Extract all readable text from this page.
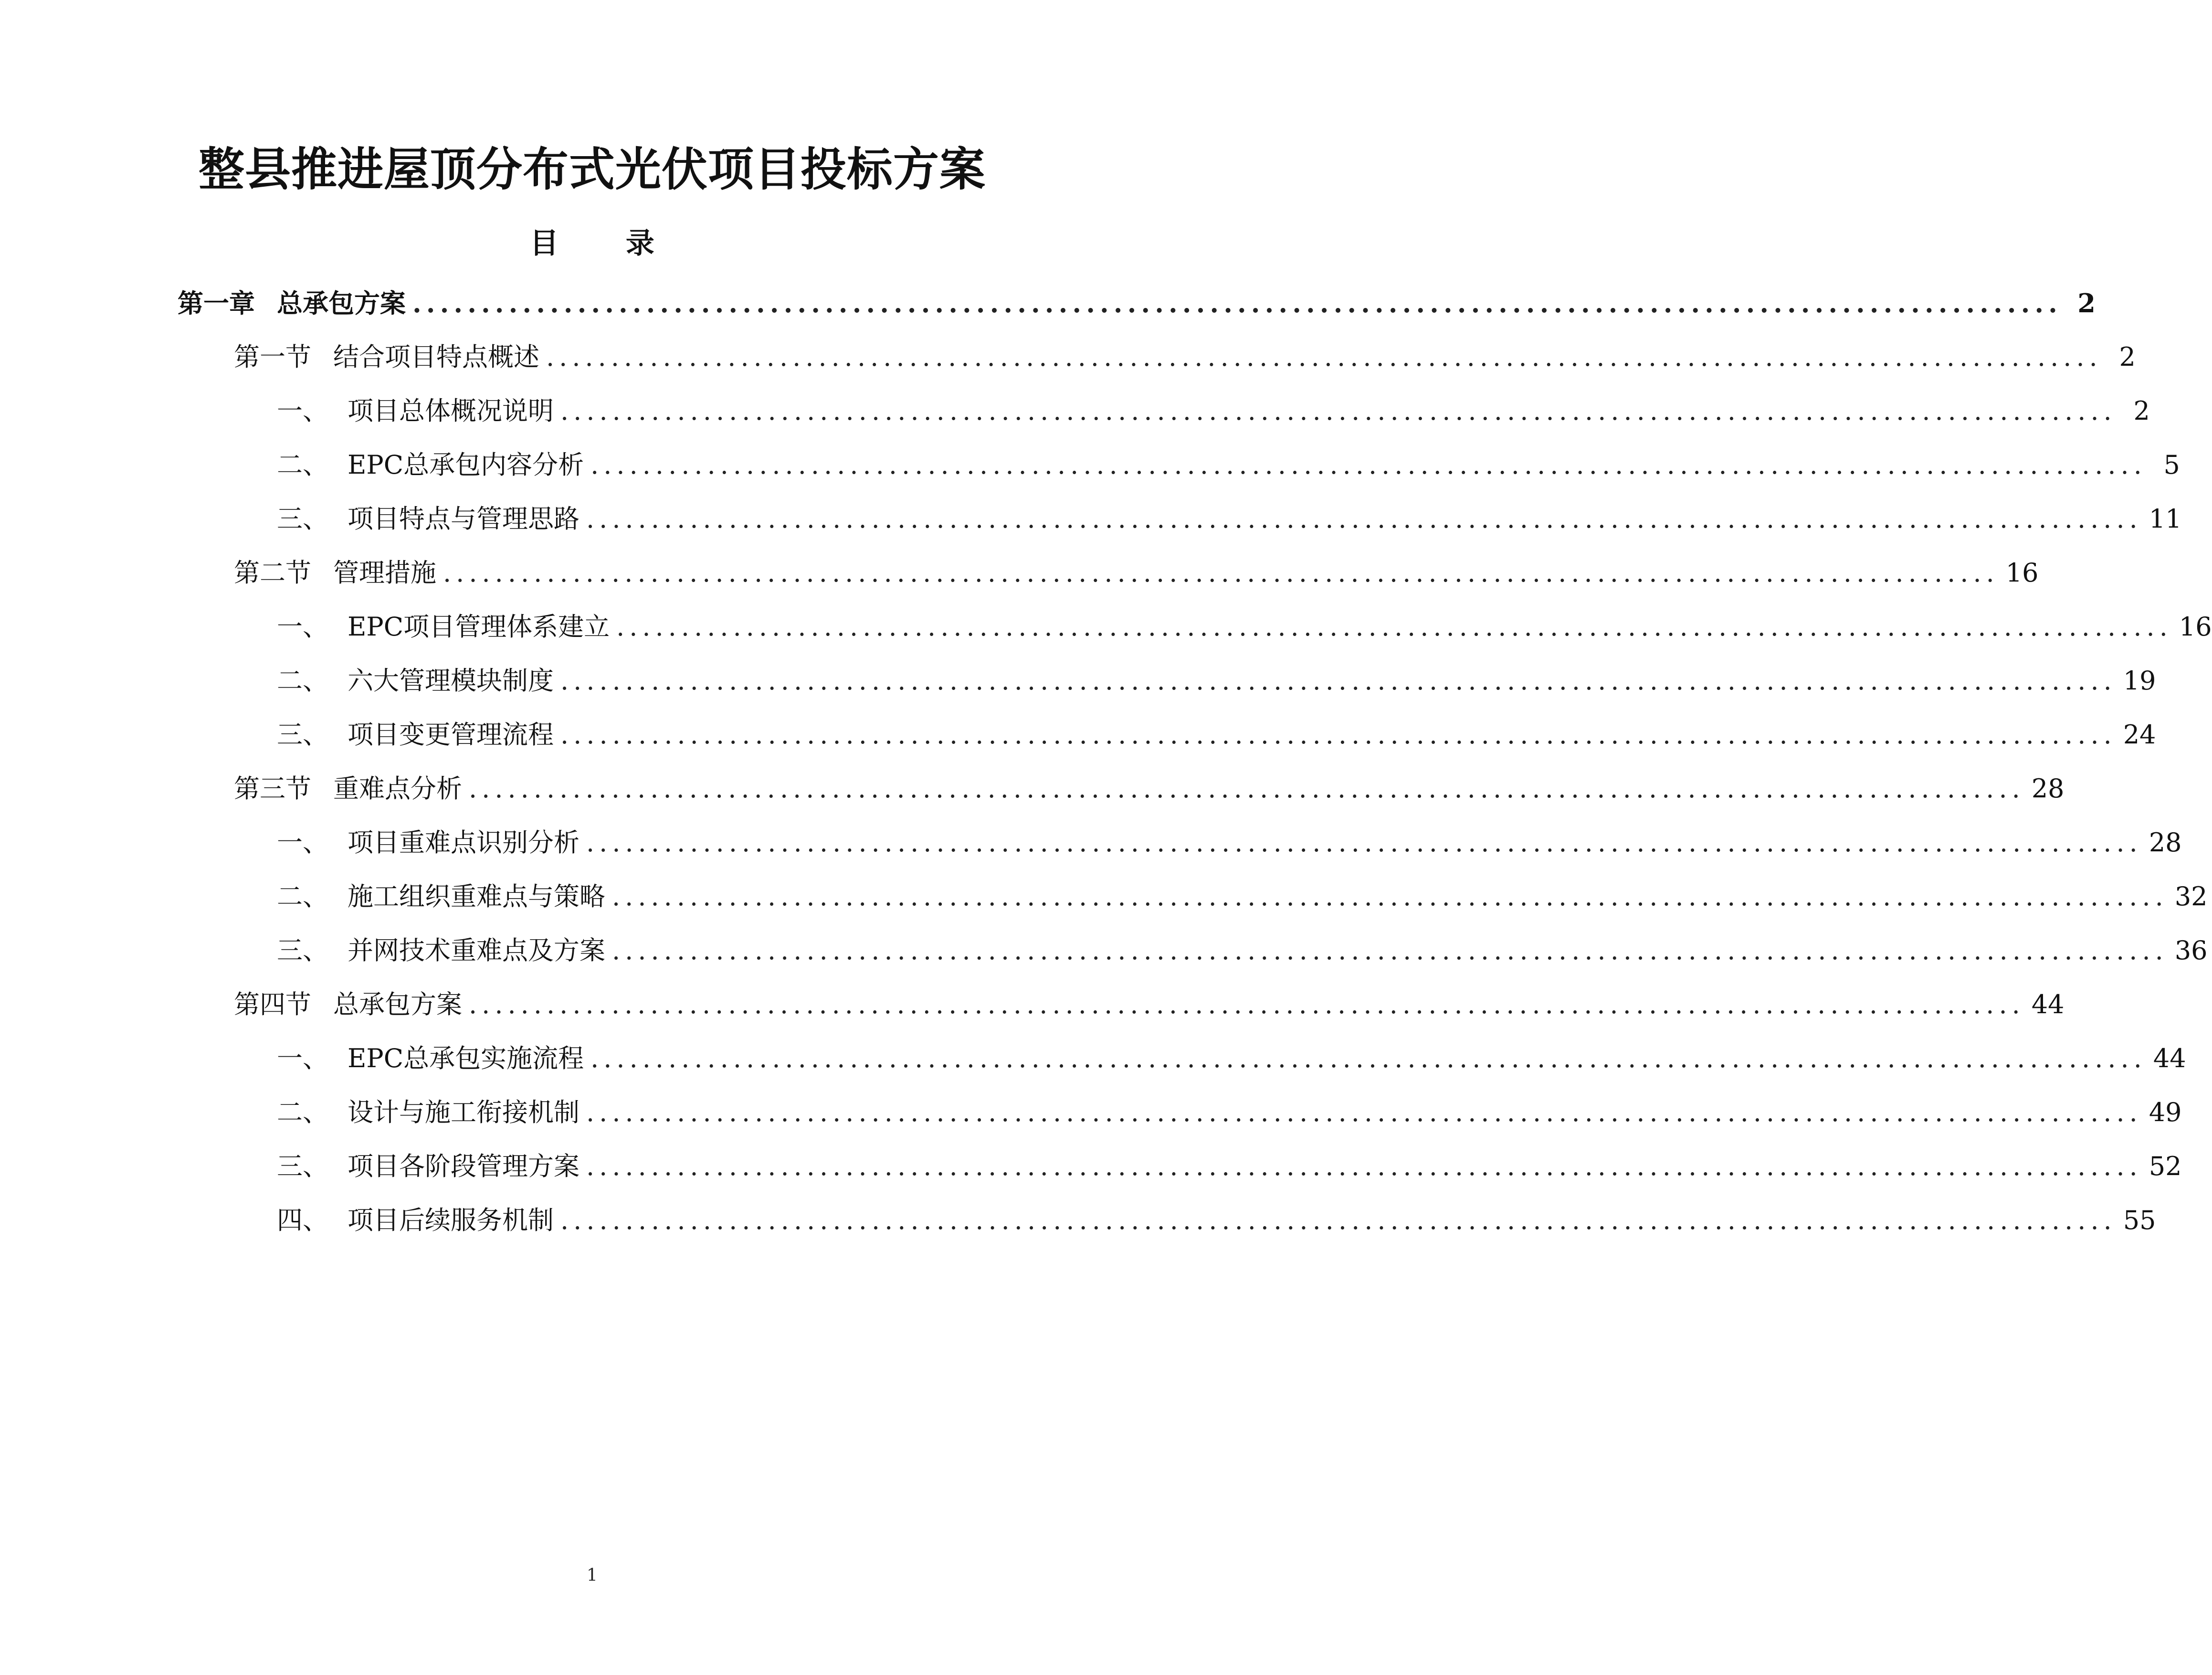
整县推进屋顶分布式光伏项目投标方案
目 录
第一章 总承包方案 ........................................................................................................................ 2
第一节 结合项目特点概述 ........................................................................................................................ 2
一、 项目总体概况说明 ........................................................................................................................ 2
二、 EPC总承包内容分析 ........................................................................................................................ 5
三、 项目特点与管理思路 ........................................................................................................................ 11
第二节 管理措施 ........................................................................................................................ 16
一、 EPC项目管理体系建立 ........................................................................................................................ 16
二、 六大管理模块制度 ........................................................................................................................ 19
三、 项目变更管理流程 ........................................................................................................................ 24
第三节 重难点分析 ........................................................................................................................ 28
一、 项目重难点识别分析 ........................................................................................................................ 28
二、 施工组织重难点与策略 ........................................................................................................................ 32
三、 并网技术重难点及方案 ........................................................................................................................ 36
第四节 总承包方案 ........................................................................................................................ 44
一、 EPC总承包实施流程 ........................................................................................................................ 44
二、 设计与施工衔接机制 ........................................................................................................................ 49
三、 项目各阶段管理方案 ........................................................................................................................ 52
四、 项目后续服务机制 ........................................................................................................................ 55
1
